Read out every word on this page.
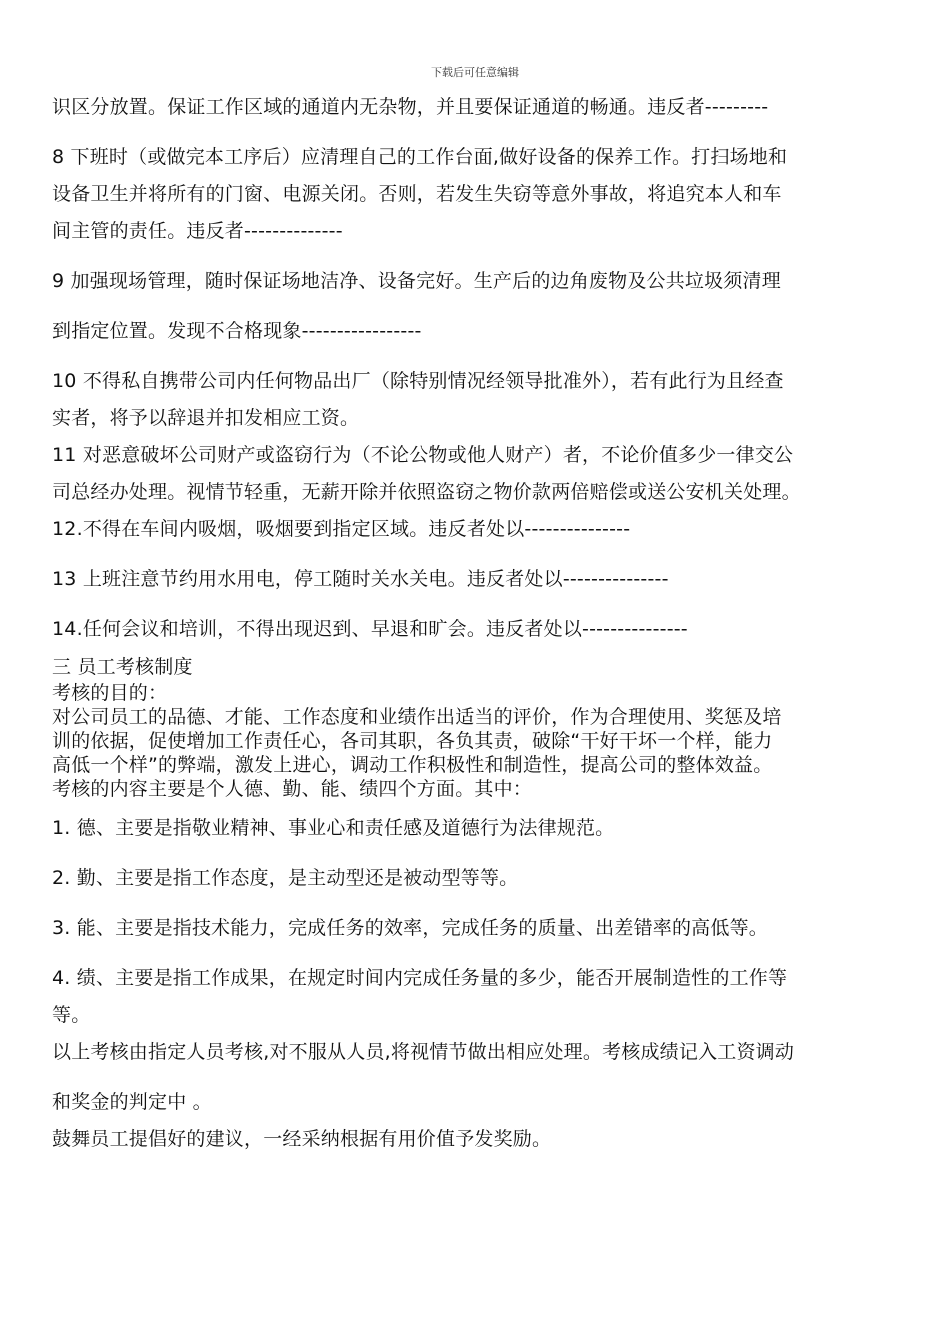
下载后可任意编辑
识区分放置。保证工作区域的通道内无杂物，并且要保证通道的畅通。违反者---------
8 下班时（或做完本工序后）应清理自己的工作台面,做好设备的保养工作。打扫场地和
设备卫生并将所有的门窗、电源关闭。否则，若发生失窃等意外事故，将追究本人和车
间主管的责任。违反者--------------
9 加强现场管理，随时保证场地洁净、设备完好。生产后的边角废物及公共垃圾须清理
到指定位置。发现不合格现象-----------------
10 不得私自携带公司内任何物品出厂（除特别情况经领导批准外），若有此行为且经查
实者，将予以辞退并扣发相应工资。
11 对恶意破坏公司财产或盗窃行为（不论公物或他人财产）者，不论价值多少一律交公
司总经办处理。视情节轻重，无薪开除并依照盗窃之物价款两倍赔偿或送公安机关处理。
12.不得在车间内吸烟，吸烟要到指定区域。违反者处以---------------
13 上班注意节约用水用电，停工随时关水关电。违反者处以---------------
14.任何会议和培训，不得出现迟到、早退和旷会。违反者处以---------------
三 员工考核制度
考核的目的：
对公司员工的品德、才能、工作态度和业绩作出适当的评价，作为合理使用、奖惩及培
训的依据，促使增加工作责任心，各司其职，各负其责，破除“干好干坏一个样，能力
高低一个样”的弊端，激发上进心，调动工作积极性和制造性，提高公司的整体效益。
考核的内容主要是个人德、勤、能、绩四个方面。其中：
1. 德、主要是指敬业精神、事业心和责任感及道德行为法律规范。
2. 勤、主要是指工作态度，是主动型还是被动型等等。
3. 能、主要是指技术能力，完成任务的效率，完成任务的质量、出差错率的高低等。
4. 绩、主要是指工作成果，在规定时间内完成任务量的多少，能否开展制造性的工作等
等。
以上考核由指定人员考核,对不服从人员,将视情节做出相应处理。考核成绩记入工资调动
和奖金的判定中 。
鼓舞员工提倡好的建议，一经采纳根据有用价值予发奖励。
